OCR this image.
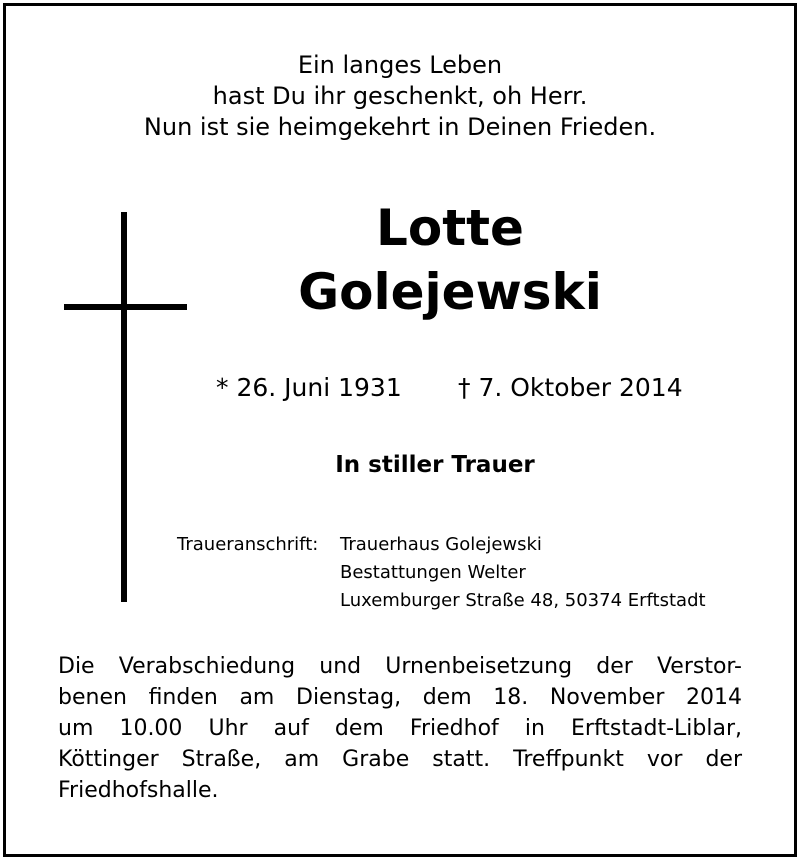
Ein langes Leben
hast Du ihr geschenkt, oh Herr.
Nun ist sie heimgekehrt in Deinen Frieden.
Lotte
Golejewski
* 26. Juni 1931 † 7. Oktober 2014
In stiller Trauer
Traueranschrift: Trauerhaus Golejewski
Bestattungen Welter
Luxemburger Straße 48, 50374 Erftstadt
Die Verabschiedung und Urnenbeisetzung der Verstor-
benen finden am Dienstag, dem 18. November 2014
um 10.00 Uhr auf dem Friedhof in Erftstadt-Liblar,
Köttinger Straße, am Grabe statt. Treffpunkt vor der
Friedhofshalle.
